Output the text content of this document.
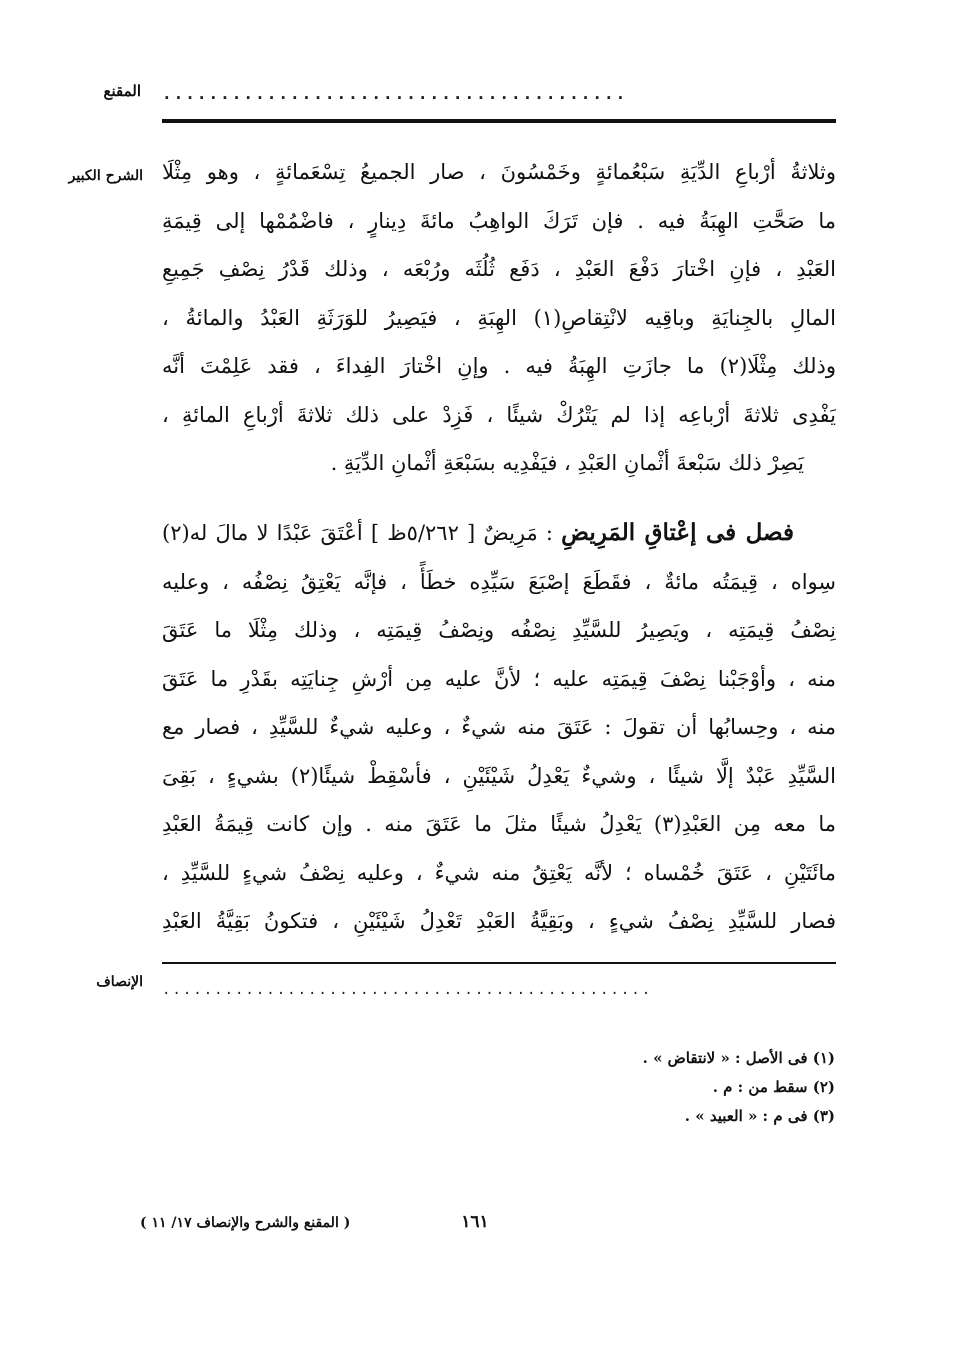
المقنع ........................................
الشرح الكبير وثلاثةُ أرْباعِ الدِّيَةِ سَبْعُمائةٍ وخَمْسُونَ ، صار الجميعُ تِسْعَمائةٍ ، وهو مِثْلَا
ما صَحَّتِ الهِبَةُ فيه . فإن تَرَكَ الواهِبُ مائةَ دِينارٍ ، فاضْمُمْها إلى قِيمَةِ
العَبْدِ ، فإنِ اخْتارَ دَفْعَ العَبْدِ ، دَفَع ثُلُثَه ورُبْعَه ، وذلك قَدْرُ نِصْفِ جَمِيعِ
المالِ بالجِنايَةِ وباقِيه لانْتِقاصِ(١) الهِبَةِ ، فيَصِيرُ للوَرَثَةِ العَبْدُ والمائةُ ،
وذلك مِثْلَا(٢) ما جازَتِ الهِبَةُ فيه . وإنِ اخْتارَ الفِداءَ ، فقد عَلِمْتَ أنَّه
يَفْدِى ثلاثةَ أرْباعِه إذا لم يَتْرُكْ شيئًا ، فَزِدْ على ذلك ثلاثةَ أرْباعِ المائةِ ،
يَصِرْ ذلك سَبْعةَ أثْمانِ العَبْدِ ، فيَفْدِيه بسَبْعَةِ أثْمانِ الدِّيَةِ .
فصل فى إعْتاقِ المَرِيضِ : مَرِيضٌ [ ٥/٢٦٢ظ ] أعْتَقَ عَبْدًا لا مالَ له(٢)
سِواه ، قِيمَتُه مائةٌ ، فقَطَعَ إصْبَعَ سَيِّدِه خطَأً ، فإنَّه يَعْتِقُ نِصْفُه ، وعليه
نِصْفُ قِيمَتِه ، ويَصِيرُ للسَّيِّدِ نِصْفُه ونِصْفُ قِيمَتِه ، وذلك مِثْلَا ما عَتَقَ
منه ، وأوْجَبْنا نِصْفَ قِيمَتِه عليه ؛ لأنَّ عليه مِن أرْشِ جِنايَتِه بقَدْرِ ما عَتَقَ
منه ، وحِسابُها أن تقولَ : عَتَقَ منه شيءٌ ، وعليه شيءٌ للسَّيِّدِ ، فصار مع
السَّيِّدِ عَبْدٌ إلَّا شيئًا ، وشيءٌ يَعْدِلُ شَيْئَيْنِ ، فأسْقِطْ شيئًا(٢) بشيءٍ ، بَقِىَ
ما معه مِن العَبْدِ(٣) يَعْدِلُ شيئًا مثلَ ما عَتَقَ منه . وإن كانت قِيمَةُ العَبْدِ
مائَتَيْنِ ، عَتَقَ خُمْساه ؛ لأنَّه يَعْتِقُ منه شيءٌ ، وعليه نِصْفُ شيءٍ للسَّيِّدِ ،
فصار للسَّيِّدِ نِصْفُ شيءٍ ، وبَقِيَّةُ العَبْدِ تَعْدِلُ شَيْئَيْنِ ، فتكونُ بَقِيَّةُ العَبْدِ
الإنصاف ...............................................
(١) فى الأصل : « لانتقاض » .
(٢) سقط من : م .
(٣) فى م : « العبيد » .
١٦١
( المقنع والشرح والإنصاف ١٧/ ١١ )
